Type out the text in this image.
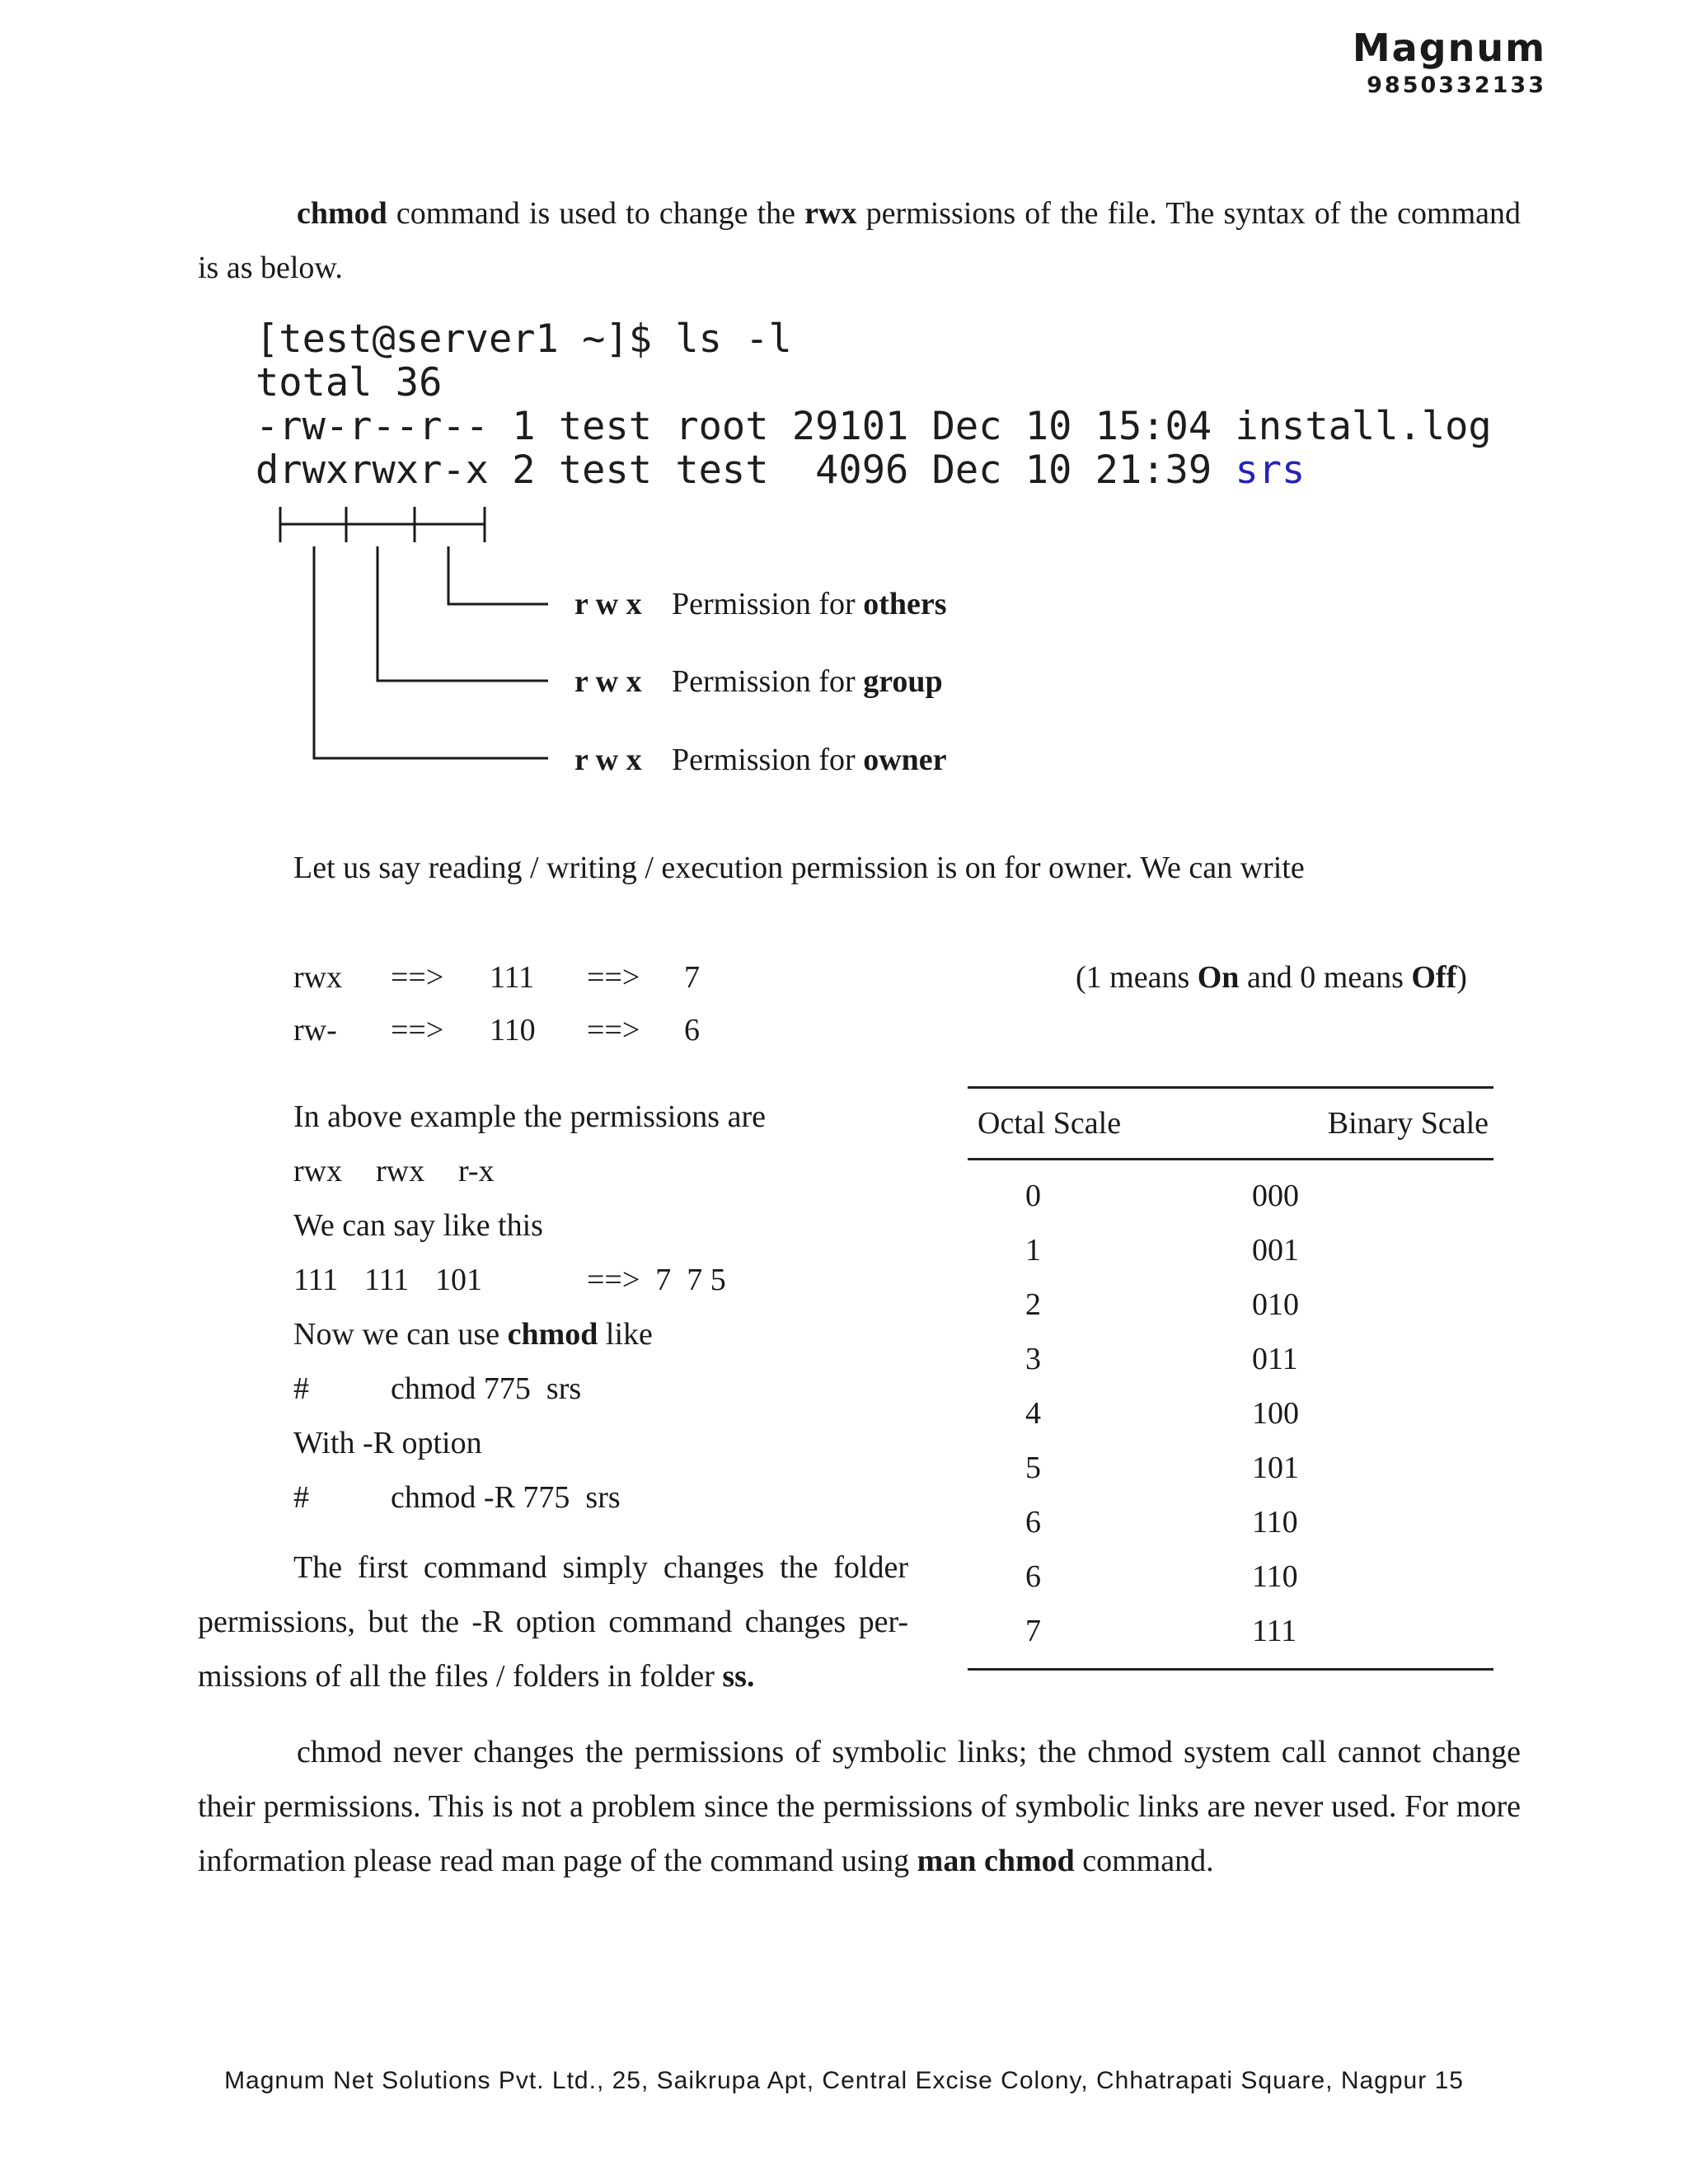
Magnum
9850332133
chmod command is used to change the rwx permissions of the file. The syntax of the command is as below.
[test@server1 ~]$ ls -l
total 36
-rw-r--r-- 1 test root 29101 Dec 10 15:04 install.log
drwxrwxr-x 2 test test  4096 Dec 10 21:39 srs
r w x Permission for others
r w x Permission for group
r w x Permission for owner
Let us say reading / writing / execution permission is on for owner. We can write
rwx ==> 111 ==> 7
rw- ==> 110 ==> 6
(1 means On and 0 means Off)
In above example the permissions are
rwx rwx r-x
We can say like this
111 111 101	==>  7  7 5
Now we can use chmod like
#	chmod 775  srs
With -R option
#	chmod -R 775  srs
The first command simply changes the folder permissions, but the -R option command changes per-missions of all the files / folders in folder ss.
Octal Scale	Binary Scale
0	000
1	001
2	010
3	011
4	100
5	101
6	110
6	110
7	111
chmod never changes the permissions of symbolic links; the chmod system call cannot change their permissions. This is not a problem since the permissions of symbolic links are never used. For more information please read man page of the command using man chmod command.
Magnum Net Solutions Pvt. Ltd., 25, Saikrupa Apt, Central Excise Colony, Chhatrapati Square, Nagpur 15
